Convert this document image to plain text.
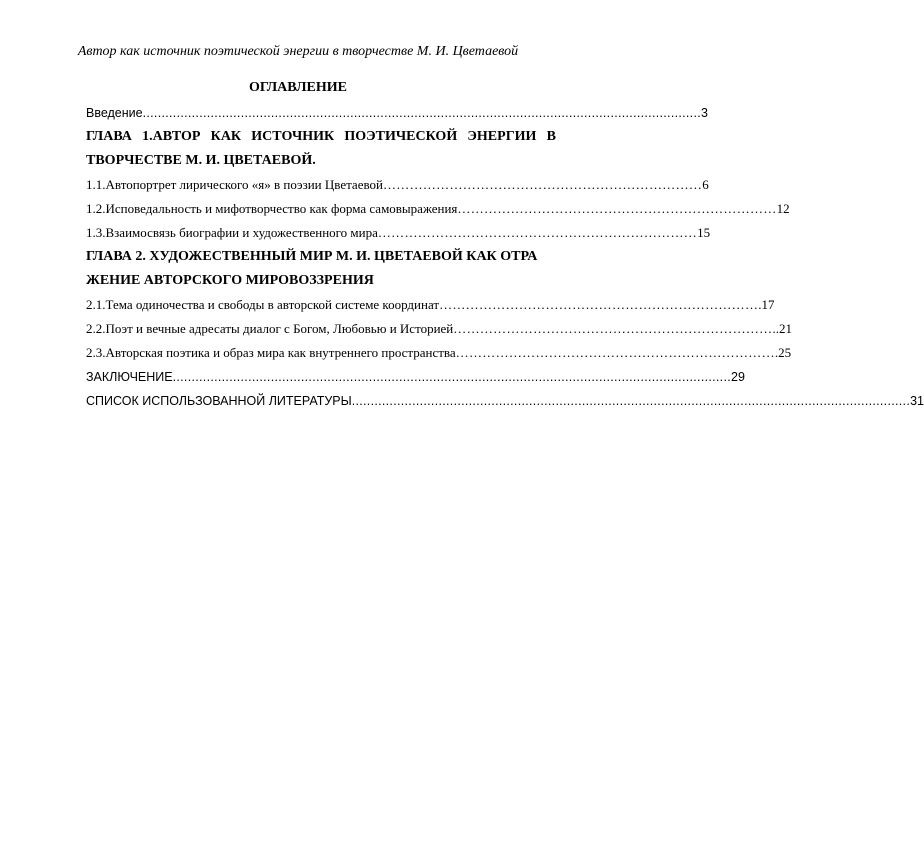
Автор как источник поэтической энергии в творчестве М. И. Цветаевой
ОГЛАВЛЕНИЕ
Введение .................................................................................................................................................... 3
ГЛАВА 1.АВТОР КАК ИСТОЧНИК ПОЭТИЧЕСКОЙ ЭНЕРГИИ В
ТВОРЧЕСТВЕ М. И. ЦВЕТАЕВОЙ.
1.1.Автопортрет лирического «я» в поэзии Цветаевой ……………………………………………………………… 6
1.2.Исповедальность и мифотворчество как форма самовыражения ……………………………………………………………… 12
1.3.Взаимосвязь биографии и художественного мира ……………………………………………………………… 15
ГЛАВА 2. ХУДОЖЕСТВЕННЫЙ МИР М. И. ЦВЕТАЕВОЙ КАК ОТРА
ЖЕНИЕ АВТОРСКОГО МИРОВОЗЗРЕНИЯ
2.1.Тема одиночества и свободы в авторской системе координат ……………………………………………………………… .17
2.2.Поэт и вечные адресаты диалог с Богом, Любовью и Историей ……………………………………………………………… ..21
2.3.Авторская поэтика и образ мира как внутреннего пространства ……………………………………………………………… .25
ЗАКЛЮЧЕНИЕ .................................................................................................................................................... 29
СПИСОК ИСПОЛЬЗОВАННОЙ ЛИТЕРАТУРЫ .................................................................................................................................................... 31
